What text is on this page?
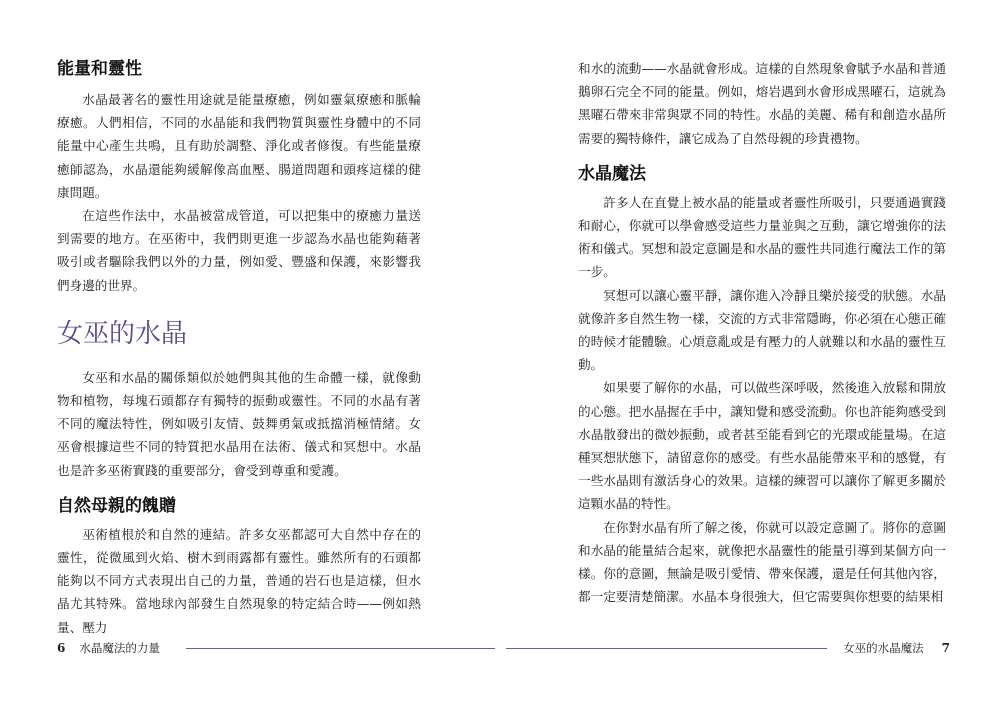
能量和靈性

水晶最著名的靈性用途就是能量療癒，例如靈氣療癒和脈輪療癒。人們相信，不同的水晶能和我們物質與靈性身體中的不同能量中心產生共鳴，且有助於調整、淨化或者修復。有些能量療癒師認為，水晶還能夠緩解像高血壓、腸道問題和頭疼這樣的健康問題。

在這些作法中，水晶被當成管道，可以把集中的療癒力量送到需要的地方。在巫術中，我們則更進一步認為水晶也能夠藉著吸引或者驅除我們以外的力量，例如愛、豐盛和保護，來影響我們身邊的世界。

女巫的水晶

女巫和水晶的關係類似於她們與其他的生命體一樣，就像動物和植物，每塊石頭都存有獨特的振動或靈性。不同的水晶有著不同的魔法特性，例如吸引友情、鼓舞勇氣或抵擋消極情緒。女巫會根據這些不同的特質把水晶用在法術、儀式和冥想中。水晶也是許多巫術實踐的重要部分，會受到尊重和愛護。

自然母親的餽贈

巫術植根於和自然的連結。許多女巫都認可大自然中存在的靈性，從微風到火焰、樹木到雨露都有靈性。雖然所有的石頭都能夠以不同方式表現出自己的力量，普通的岩石也是這樣，但水晶尤其特殊。當地球內部發生自然現象的特定結合時——例如熱量、壓力

6 水晶魔法的力量

和水的流動——水晶就會形成。這樣的自然現象會賦予水晶和普通鵝卵石完全不同的能量。例如，熔岩遇到水會形成黑曜石，這就為黑曜石帶來非常與眾不同的特性。水晶的美麗、稀有和創造水晶所需要的獨特條件，讓它成為了自然母親的珍貴禮物。

水晶魔法

許多人在直覺上被水晶的能量或者靈性所吸引，只要通過實踐和耐心，你就可以學會感受這些力量並與之互動，讓它增強你的法術和儀式。冥想和設定意圖是和水晶的靈性共同進行魔法工作的第一步。

冥想可以讓心靈平靜，讓你進入冷靜且樂於接受的狀態。水晶就像許多自然生物一樣，交流的方式非常隱晦，你必須在心態正確的時候才能體驗。心煩意亂或是有壓力的人就難以和水晶的靈性互動。

如果要了解你的水晶，可以做些深呼吸，然後進入放鬆和開放的心態。把水晶握在手中，讓知覺和感受流動。你也許能夠感受到水晶散發出的微妙振動，或者甚至能看到它的光環或能量場。在這種冥想狀態下，請留意你的感受。有些水晶能帶來平和的感覺，有一些水晶則有激活身心的效果。這樣的練習可以讓你了解更多關於這顆水晶的特性。

在你對水晶有所了解之後，你就可以設定意圖了。將你的意圖和水晶的能量結合起來，就像把水晶靈性的能量引導到某個方向一樣。你的意圖，無論是吸引愛情、帶來保護，還是任何其他內容，都一定要清楚簡潔。水晶本身很強大，但它需要與你想要的結果相

女巫的水晶魔法 7
